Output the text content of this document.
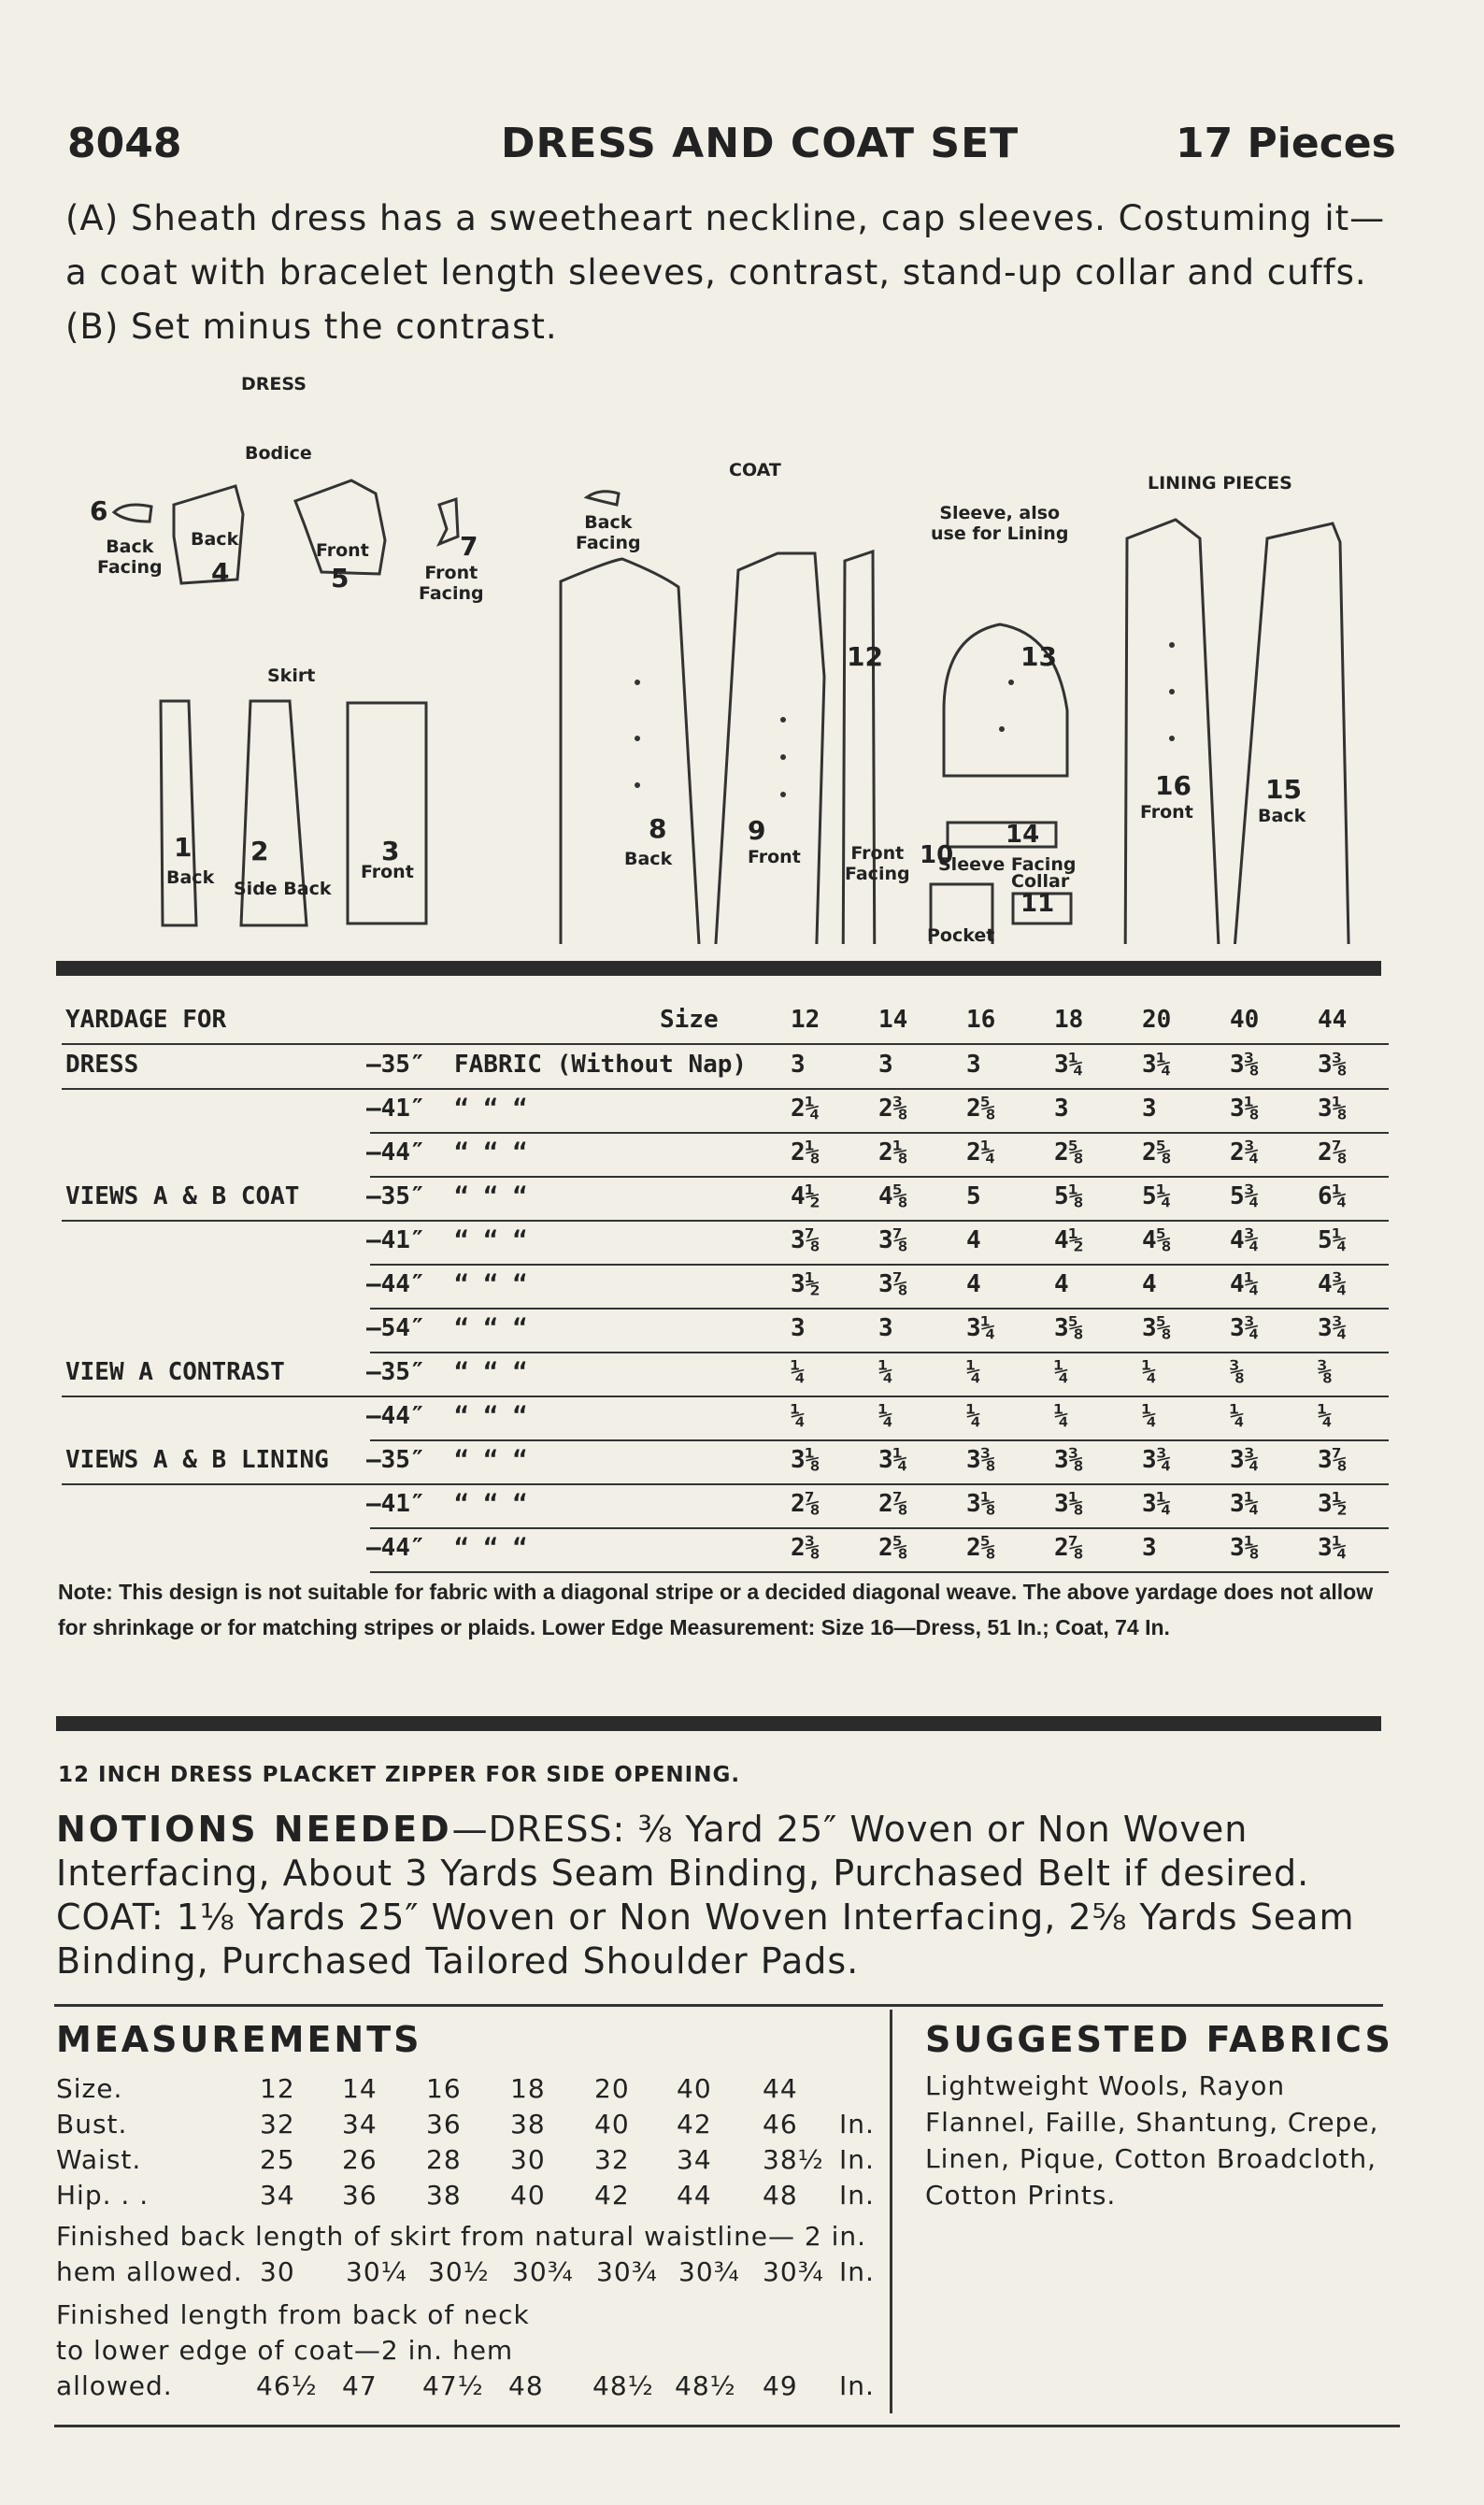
8048	DRESS AND COAT SET	17 Pieces
(A) Sheath dress has a sweetheart neckline, cap sleeves. Costuming it—
a coat with bracelet length sleeves, contrast, stand-up collar and cuffs.
(B) Set minus the contrast.
DRESS
Bodice
COAT
LINING PIECES
Skirt
6
Back
Facing
Back
4
Front
5
7
Front
Facing
1
Back
2
Side Back
3
Front
Back
Facing
8
Back
9
Front
12
Front
Facing
Sleeve, also
use for Lining
13
14
Sleeve Facing
10
Pocket
Collar
11
16
Front
15
Back
YARDAGE FOR	Size	12 14 16 18 20 40 44
DRESS	—35″ FABRIC (Without Nap) 3	3	3	3¼ 3¼ 3⅜ 3⅜
—41″ “ “ “	2¼ 2⅜ 2⅝ 3	3	3⅛ 3⅛
—44″ “ “ “	2⅛ 2⅛ 2¼ 2⅝ 2⅝ 2¾ 2⅞
VIEWS A & B COAT	—35″ “ “ “	4½ 4⅝ 5	5⅛ 5¼ 5¾ 6¼
—41″ “ “ “	3⅞ 3⅞ 4	4½ 4⅝ 4¾ 5¼
—44″ “ “ “	3½ 3⅞ 4	4	4	4¼ 4¾
—54″ “ “ “	3	3	3¼ 3⅝ 3⅝ 3¾ 3¾
VIEW A CONTRAST	—35″ “ “ “	¼	¼	¼	¼	¼	⅜	⅜
—44″ “ “ “	¼	¼	¼	¼	¼	¼	¼
VIEWS A & B LINING —35″ “ “ “	3⅛ 3¼ 3⅜ 3⅜ 3¾ 3¾ 3⅞
—41″ “ “ “	2⅞ 2⅞ 3⅛ 3⅛ 3¼ 3¼ 3½
—44″ “ “ “	2⅜ 2⅝ 2⅝ 2⅞ 3	3⅛ 3¼
Note: This design is not suitable for fabric with a diagonal stripe or a decided diagonal weave. The above yardage does not allow for shrinkage or for matching stripes or plaids. Lower Edge Measurement: Size 16—Dress, 51 In.; Coat, 74 In.
12 INCH DRESS PLACKET ZIPPER FOR SIDE OPENING.
NOTIONS NEEDED—DRESS: ⅜ Yard 25″ Woven or Non Woven Interfacing, About 3 Yards Seam Binding, Purchased Belt if desired. COAT: 1⅛ Yards 25″ Woven or Non Woven Interfacing, 2⅝ Yards Seam Binding, Purchased Tailored Shoulder Pads.
MEASUREMENTS
Size.	12 14 16 18 20 40 44
Bust.	32 34 36 38 40 42 46 In.
Waist.	25 26 28 30 32 34 38½ In.
Hip. . .	34 36 38 40 42 44 48 In.
Finished back length of skirt from natural waistline— 2 in.
hem allowed. 30 30¼ 30½ 30¾ 30¾ 30¾ 30¾ In.
Finished length from back of neck
to lower edge of coat—2 in. hem
allowed.	46½ 47 47½ 48 48½ 48½ 49 In.
SUGGESTED FABRICS
Lightweight Wools, Rayon Flannel, Faille, Shantung, Crepe, Linen, Pique, Cotton Broadcloth, Cotton Prints.
